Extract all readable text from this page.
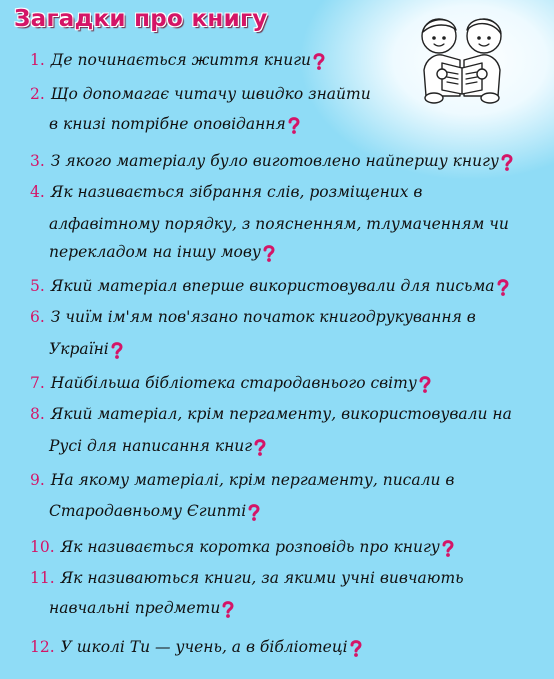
Загадки про книгу
1. Де починається життя книги
2. Що допомагає читачу швидко знайти
в книзі потрібне оповідання
3. З якого матеріалу було виготовлено найпершу книгу
4. Як називається зібрання слів, розміщених в
алфавітному порядку, з поясненням, тлумаченням чи
перекладом на іншу мову
5. Який матеріал вперше використовували для письма
6. З чиїм ім'ям пов'язано початок книгодрукування в
Україні
7. Найбільша бібліотека стародавнього світу
8. Який матеріал, крім пергаменту, використовували на
Русі для написання книг
9. На якому матеріалі, крім пергаменту, писали в
Стародавньому Єгипті
10. Як називається коротка розповідь про книгу
11. Як називаються книги, за якими учні вивчають
навчальні предмети
12. У школі Ти — учень, а в бібліотеці
